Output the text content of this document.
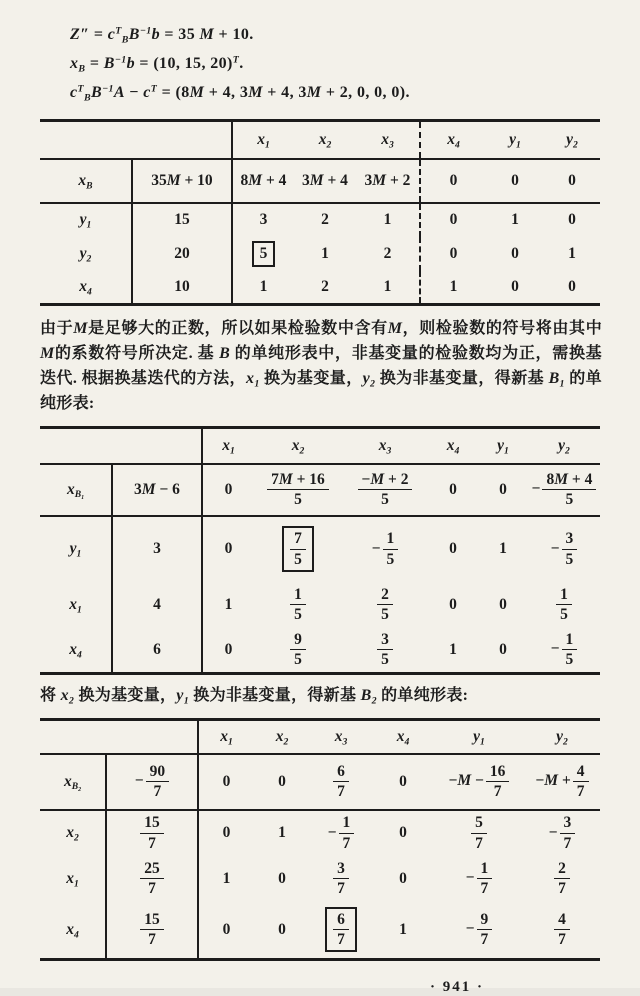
$Z'' = c^T_BB^{-1}b = 35$ M + 10.
$x_B = B^{-1}b = (10$, 15, 20)$^T$.
$c^T_BB^{-1}A - c^T = (8M + 4$, 3M + 4, 3M + 2, 0, 0, 0).
		$x_1$	$x_2$	$x_3$	$x_4$	$y_1$	$y_2$
$x_B$	35M + 10	8M + 4	3M + 4	3M + 2	0	0	0
$y_1$	15	3	2	1	0	1	0
$y_2$	20	5	1	2	0	0	1
$x_4$	10	1	2	1	1	0	0

由于M是足够大的正数，所以如果检验数中含有M，则检验数的符号将由其中M的系数符号所决定. 基 B 的单纯形表中，非基变量的检验数均为正，需换基迭代. 根据换基迭代的方法，$x_1$ 换为基变量，$y_2$ 换为非基变量，得新基 $B_1$ 的单纯形表:

		$x_1$	$x_2$	$x_3$	$x_4$	$y_1$	$y_2$
$x_{B_1}$	3M − 6	0	$\frac{7M + 16}{5}$	$\frac{-M + 2}{5}$	0	0	− $\frac{8M + 4}{5}$

$y_1$	3	0	$\frac{7}{5}$	− $\frac{1}{5}$	0	1	− $\frac{3}{5}$

$x_1$	4	1	$\frac{1}{5}$	$\frac{2}{5}$	0	0	$\frac{1}{5}$

$x_4$	6	0	$\frac{9}{5}$	$\frac{3}{5}$	1	0	− $\frac{1}{5}$

将 $x_2$ 换为基变量，$y_1$ 换为非基变量，得新基 $B_2$ 的单纯形表:

		$x_1$	$x_2$	$x_3$	$x_4$	$y_1$	$y_2$
$x_{B_2}$	− $\frac{90}{7}$	0	0	$\frac{6}{7}$	0	$-M - \frac{16}{7}$	$-M + \frac{4}{7}$

$x_2$	$\frac{15}{7}$	0	1	− $\frac{1}{7}$	0	$\frac{5}{7}$	− $\frac{3}{7}$

$x_1$	$\frac{25}{7}$	1	0	$\frac{3}{7}$	0	− $\frac{1}{7}$	$\frac{2}{7}$

$x_4$	$\frac{15}{7}$	0	0	$\frac{6}{7}$	1	− $\frac{9}{7}$	$\frac{4}{7}$
· 941 ·
